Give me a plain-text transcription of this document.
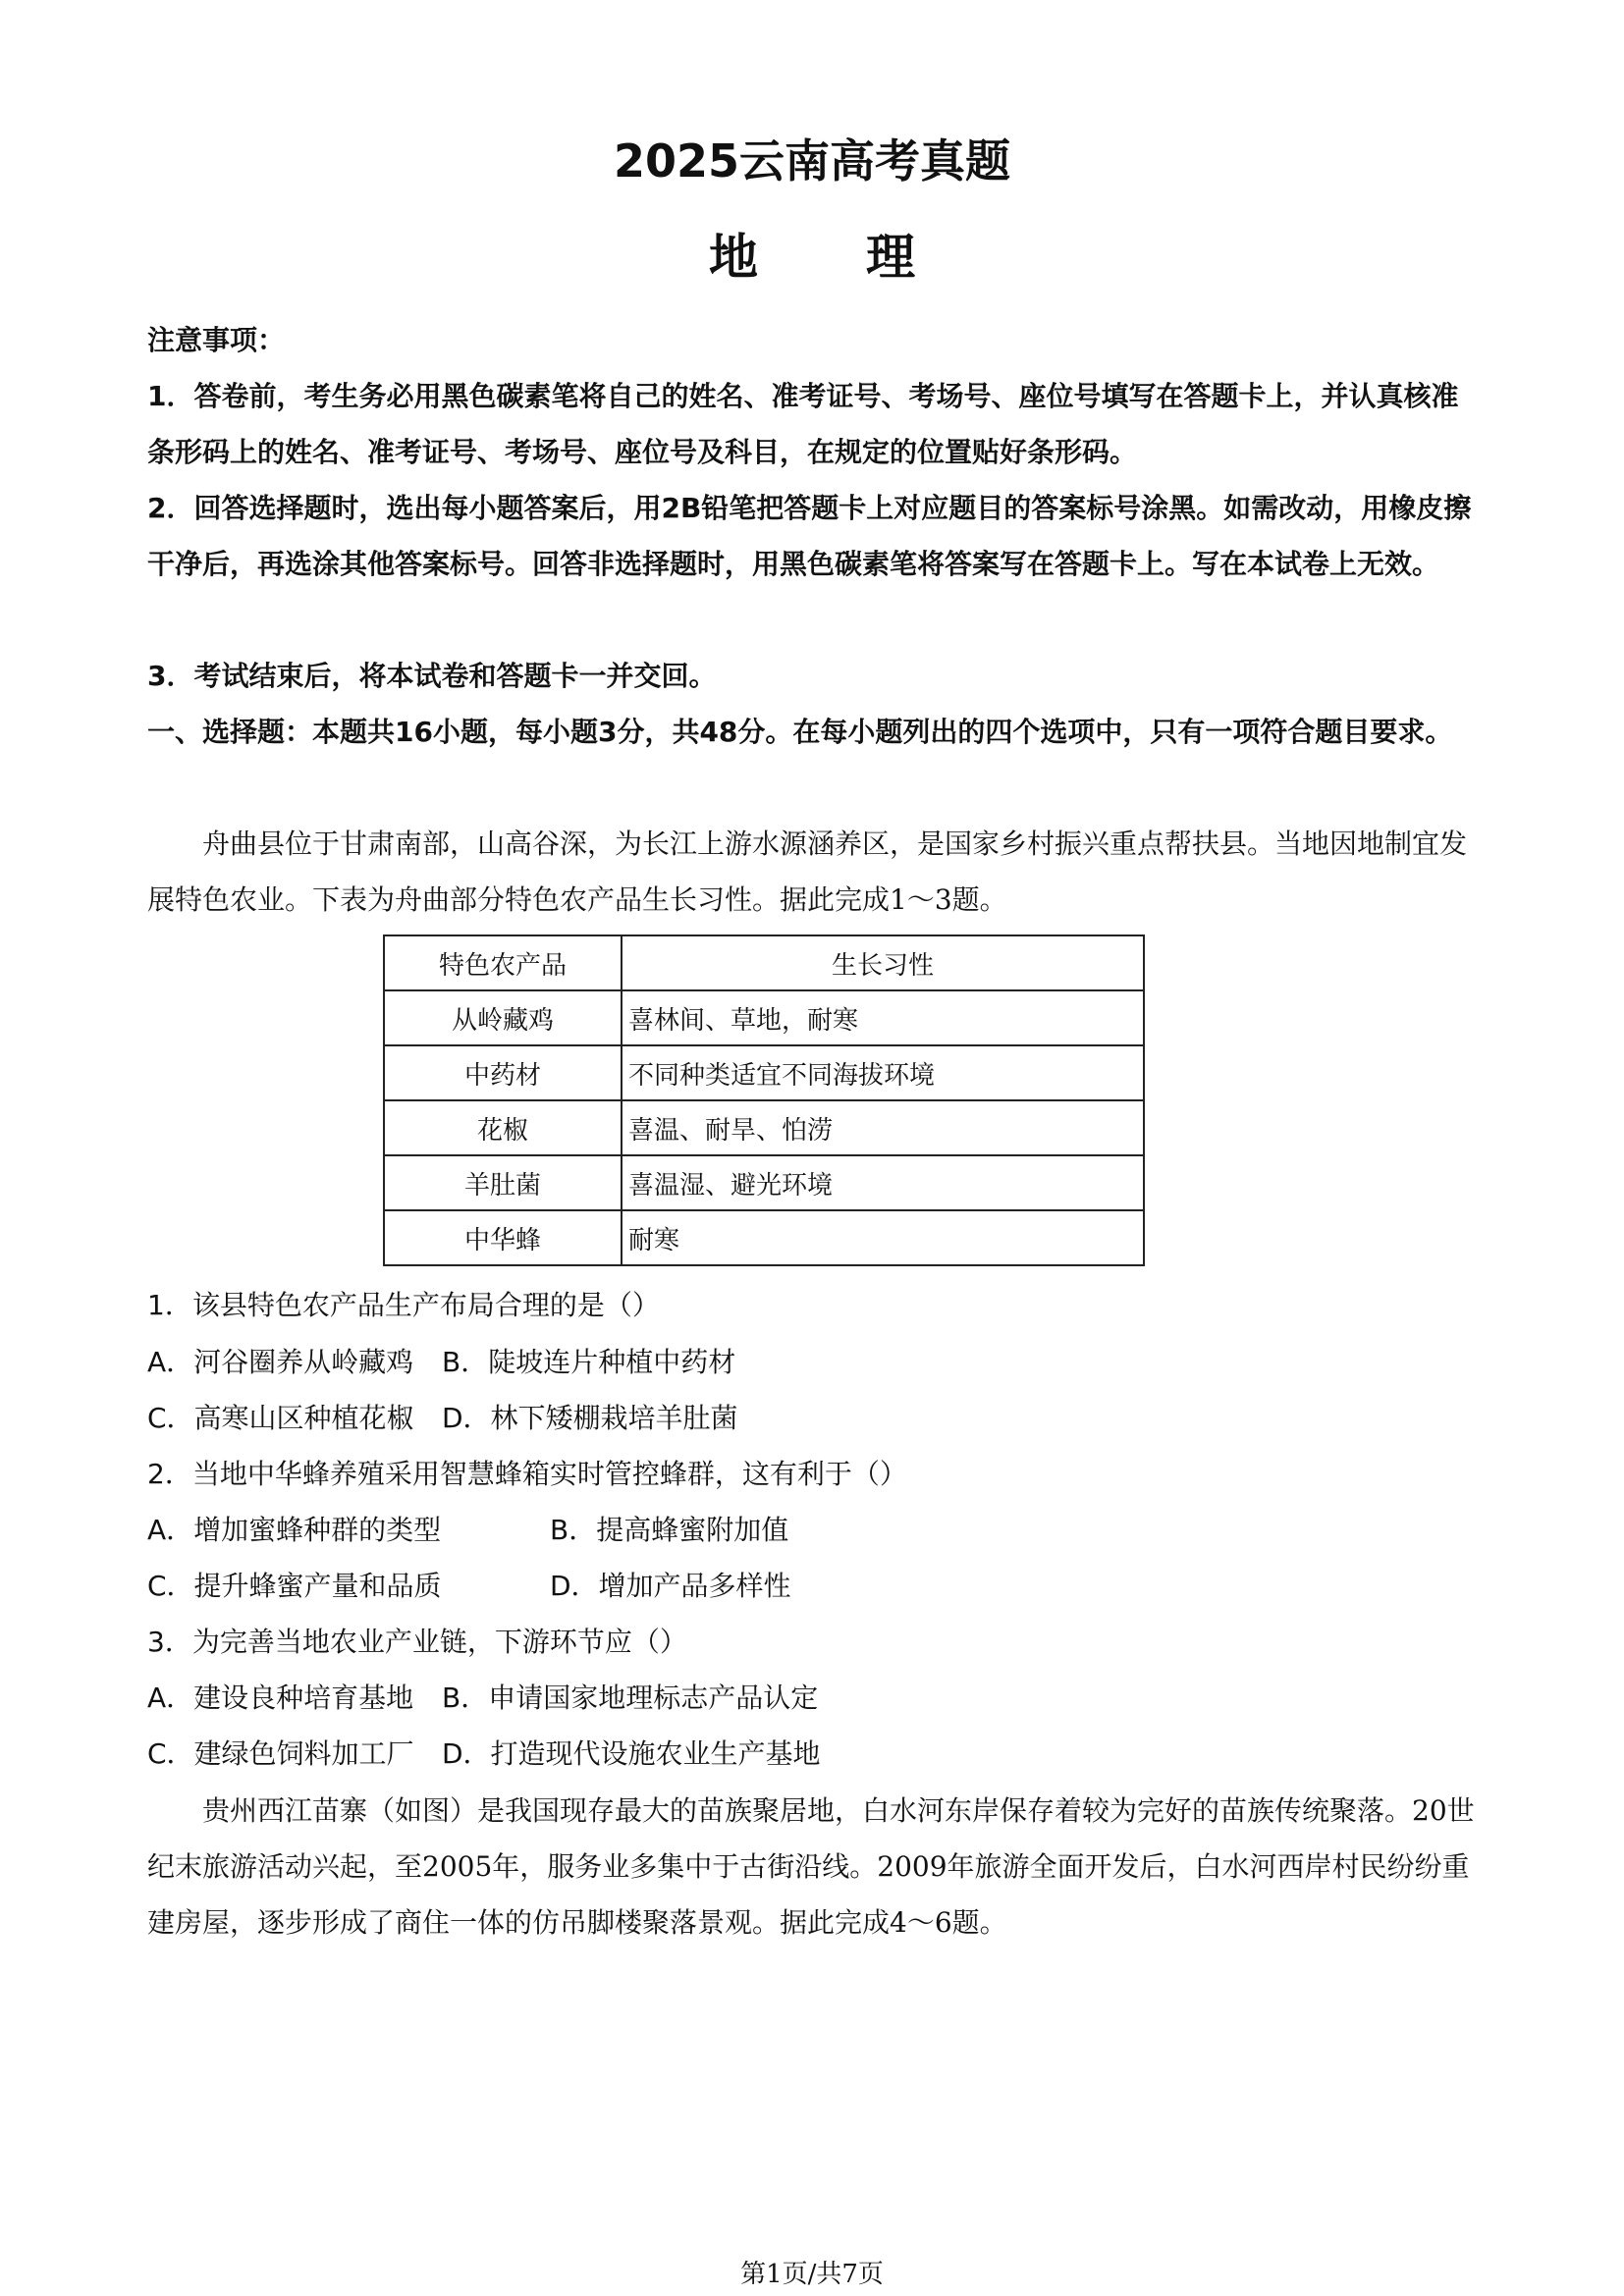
2025云南高考真题
地理
注意事项：
1．答卷前，考生务必用黑色碳素笔将自己的姓名、准考证号、考场号、座位号填写在答题卡上，并认真核准条形码上的姓名、准考证号、考场号、座位号及科目，在规定的位置贴好条形码。
2．回答选择题时，选出每小题答案后，用2B铅笔把答题卡上对应题目的答案标号涂黑。如需改动，用橡皮擦干净后，再选涂其他答案标号。回答非选择题时，用黑色碳素笔将答案写在答题卡上。写在本试卷上无效。
3．考试结束后，将本试卷和答题卡一并交回。
一、选择题：本题共16小题，每小题3分，共48分。在每小题列出的四个选项中，只有一项符合题目要求。
舟曲县位于甘肃南部，山高谷深，为长江上游水源涵养区，是国家乡村振兴重点帮扶县。当地因地制宜发展特色农业。下表为舟曲部分特色农产品生长习性。据此完成1～3题。
特色农产品	生长习性
从岭藏鸡	喜林间、草地，耐寒
中药材	不同种类适宜不同海拔环境
花椒	喜温、耐旱、怕涝
羊肚菌	喜温湿、避光环境
中华蜂	耐寒
1．该县特色农产品生产布局合理的是（）
A．河谷圈养从岭藏鸡 B．陡坡连片种植中药材
C．高寒山区种植花椒 D．林下矮棚栽培羊肚菌
2．当地中华蜂养殖采用智慧蜂箱实时管控蜂群，这有利于（）
A．增加蜜蜂种群的类型	B．提高蜂蜜附加值
C．提升蜂蜜产量和品质	D．增加产品多样性
3．为完善当地农业产业链，下游环节应（）
A．建设良种培育基地 B．申请国家地理标志产品认定
C．建绿色饲料加工厂 D．打造现代设施农业生产基地
贵州西江苗寨（如图）是我国现存最大的苗族聚居地，白水河东岸保存着较为完好的苗族传统聚落。20世纪末旅游活动兴起，至2005年，服务业多集中于古街沿线。2009年旅游全面开发后，白水河西岸村民纷纷重建房屋，逐步形成了商住一体的仿吊脚楼聚落景观。据此完成4～6题。
第1页/共7页
